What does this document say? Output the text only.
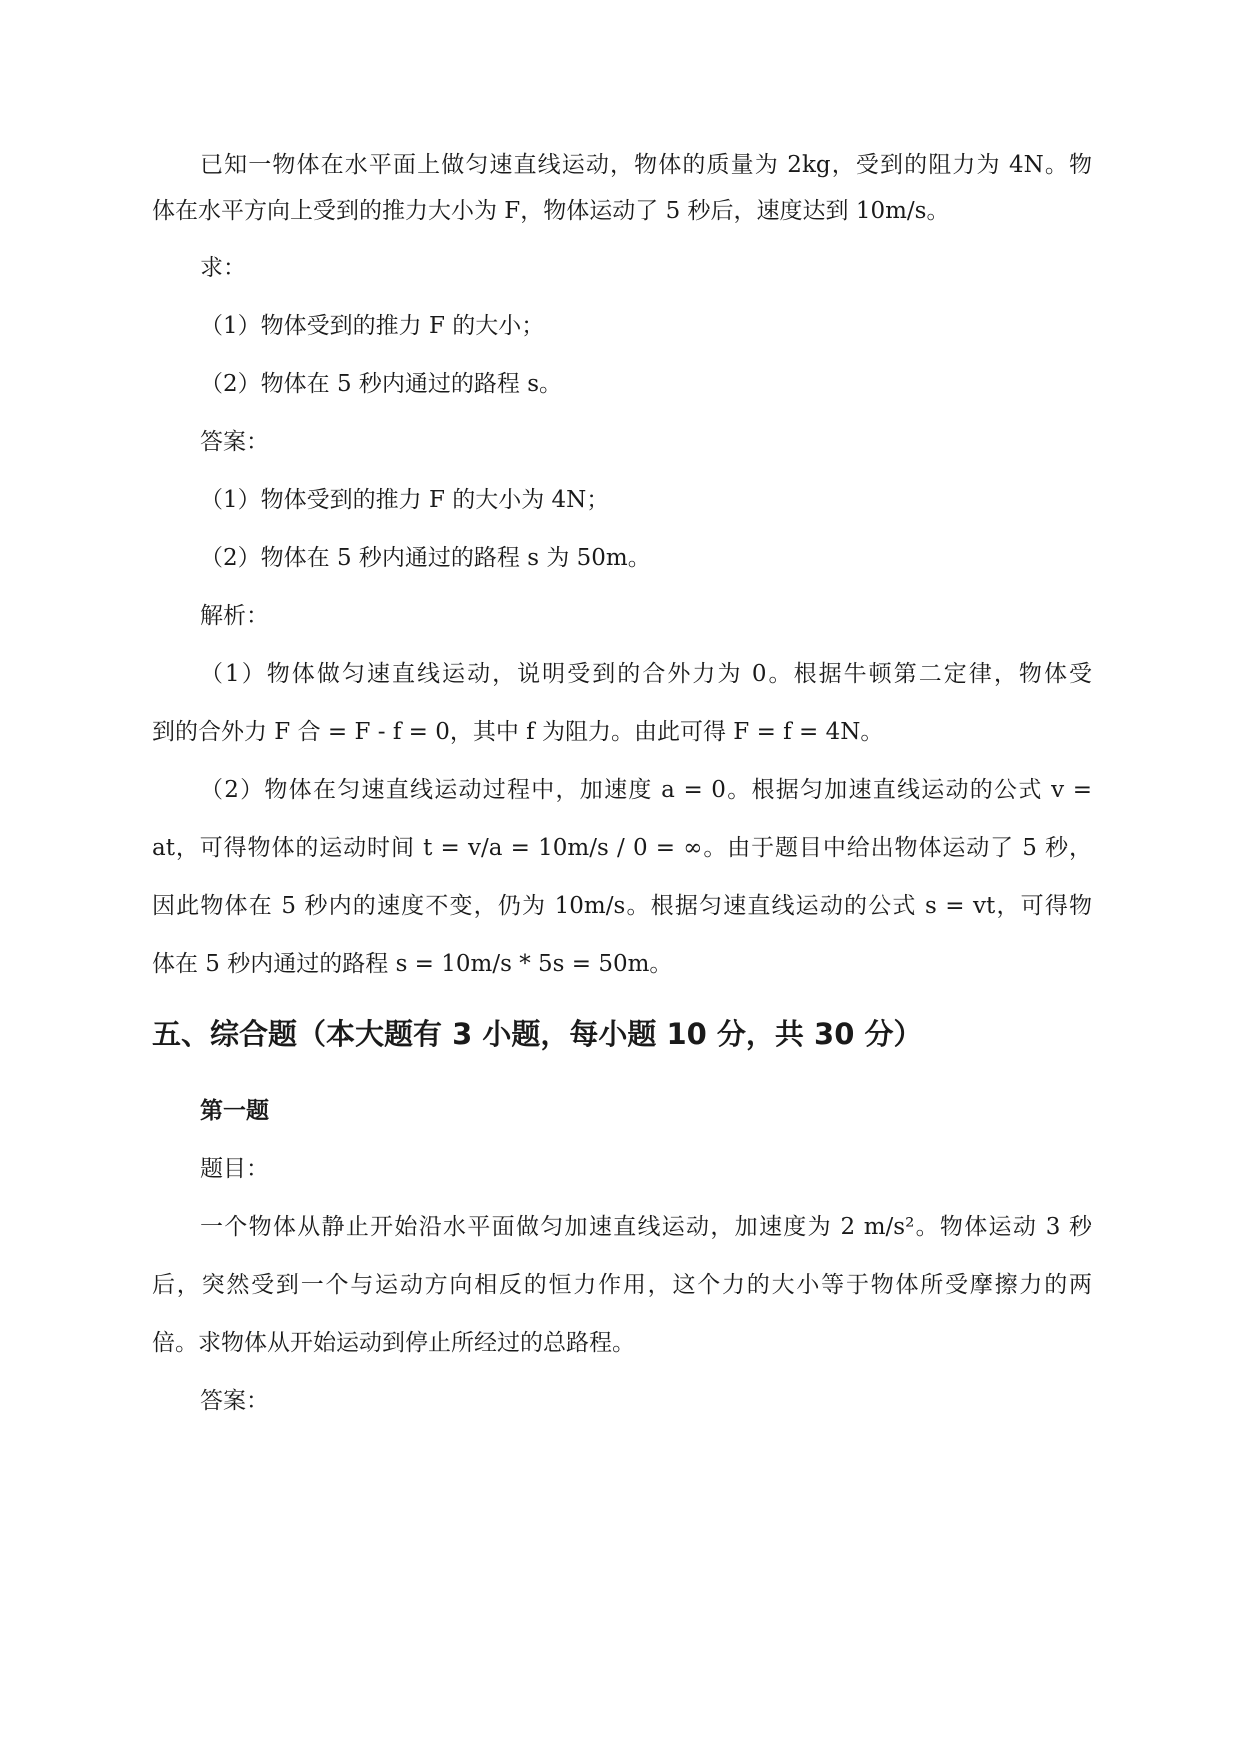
已知一物体在水平面上做匀速直线运动，物体的质量为 2kg，受到的阻力为 4N。物
体在水平方向上受到的推力大小为 F，物体运动了 5 秒后，速度达到 10m/s。
求：
（1）物体受到的推力 F 的大小；
（2）物体在 5 秒内通过的路程 s。
答案：
（1）物体受到的推力 F 的大小为 4N；
（2）物体在 5 秒内通过的路程 s 为 50m。
解析：
（1）物体做匀速直线运动，说明受到的合外力为 0。根据牛顿第二定律，物体受
到的合外力 F 合 = F - f = 0，其中 f 为阻力。由此可得 F = f = 4N。
（2）物体在匀速直线运动过程中，加速度 a = 0。根据匀加速直线运动的公式 v =
at，可得物体的运动时间 t = v/a = 10m/s / 0 = ∞。由于题目中给出物体运动了 5 秒，
因此物体在 5 秒内的速度不变，仍为 10m/s。根据匀速直线运动的公式 s = vt，可得物
体在 5 秒内通过的路程 s = 10m/s * 5s = 50m。
五、综合题（本大题有 3 小题，每小题 10 分，共 30 分）
第一题
题目：
一个物体从静止开始沿水平面做匀加速直线运动，加速度为 2 m/s²。物体运动 3 秒
后，突然受到一个与运动方向相反的恒力作用，这个力的大小等于物体所受摩擦力的两
倍。求物体从开始运动到停止所经过的总路程。
答案：
